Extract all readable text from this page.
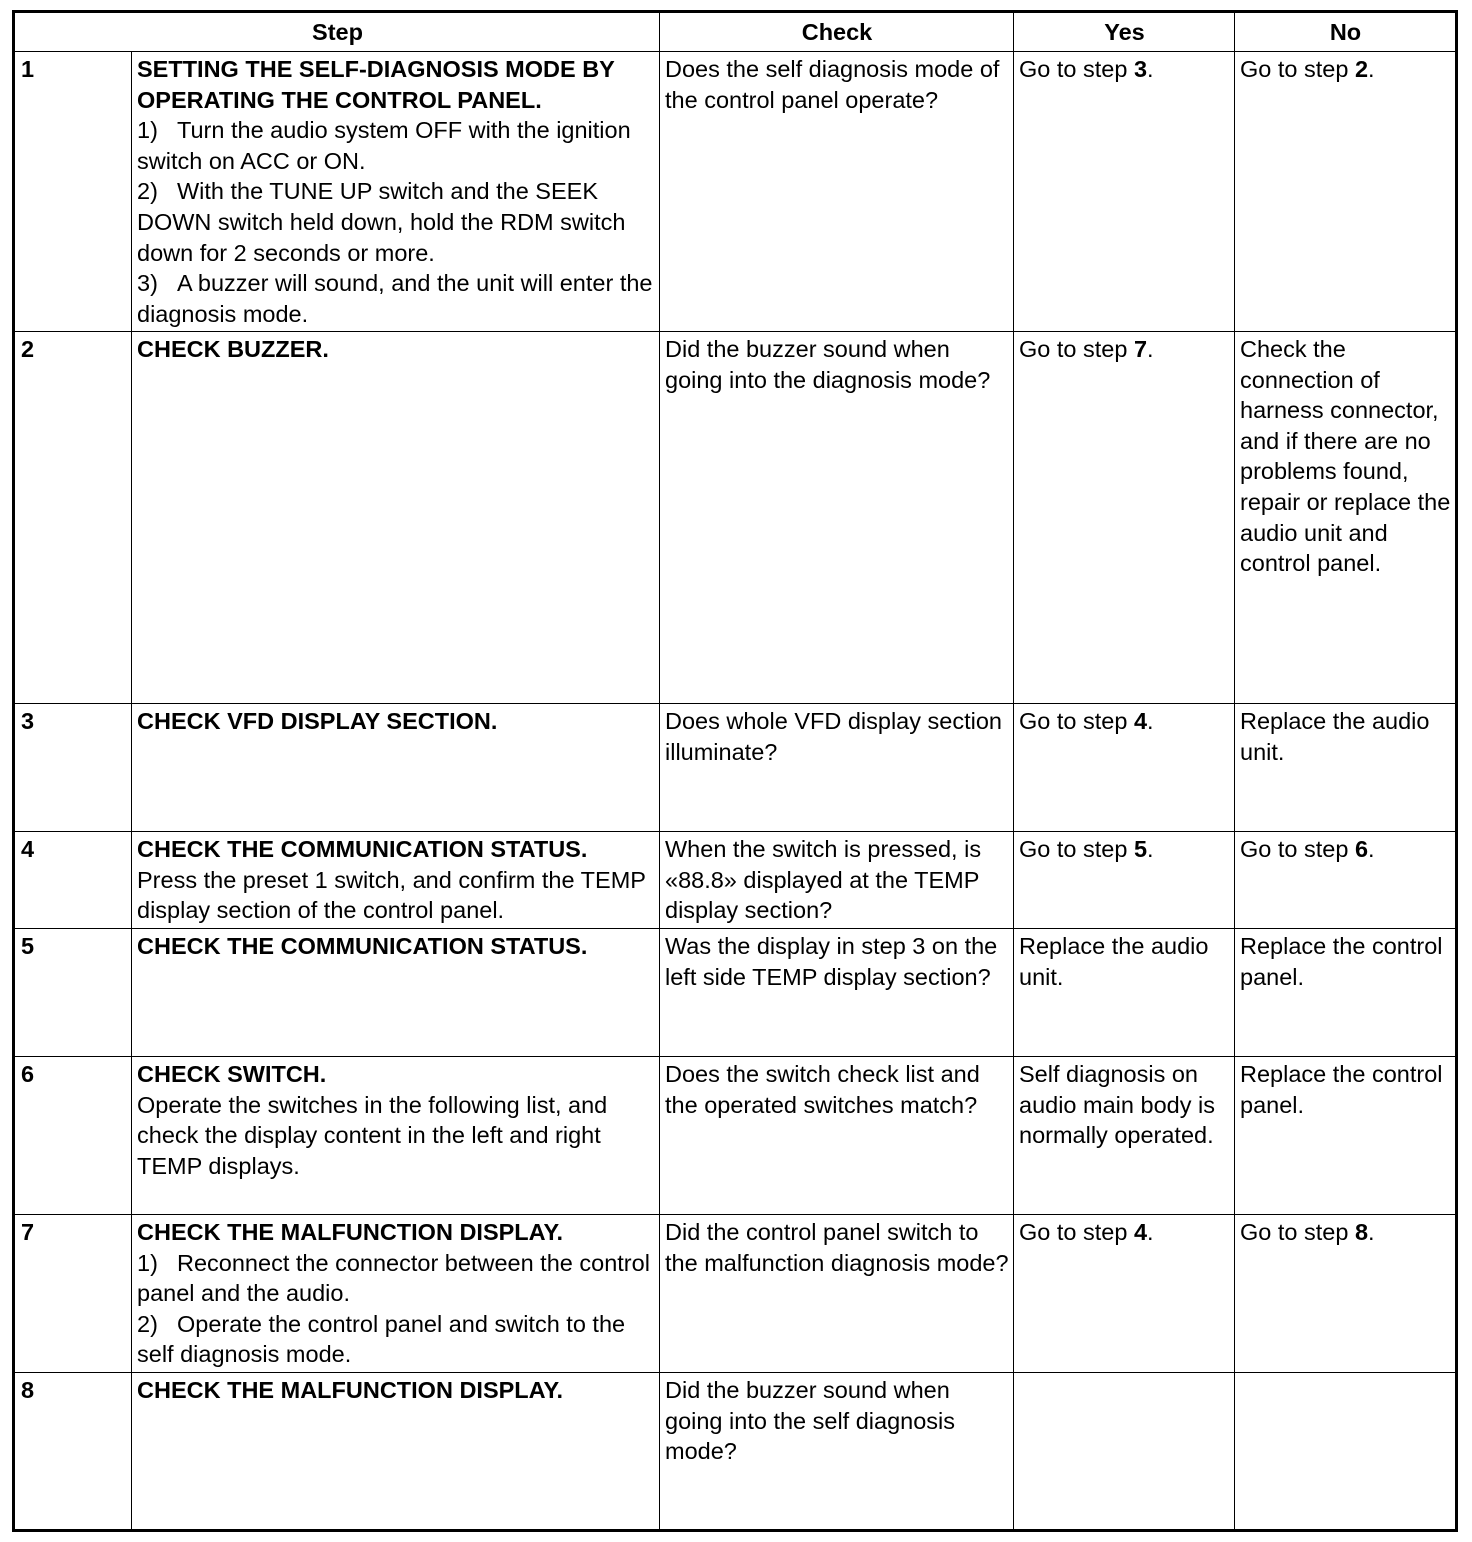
Step		Check	Yes	No
1	SETTING THE SELF-DIAGNOSIS MODE BY OPERATING THE CONTROL PANEL.
1) Turn the audio system OFF with the ignition switch on ACC or ON.
2) With the TUNE UP switch and the SEEK DOWN switch held down, hold the RDM switch down for 2 seconds or more.
3) A buzzer will sound, and the unit will enter the diagnosis mode.	Does the self diagnosis mode of the control panel operate?	Go to step 3.	Go to step 2.
2	CHECK BUZZER.	Did the buzzer sound when going into the diagnosis mode?	Go to step 7.	Check the connection of harness connector, and if there are no problems found, repair or replace the audio unit and control panel.
3	CHECK VFD DISPLAY SECTION.	Does whole VFD display section illuminate?	Go to step 4.	Replace the audio unit.
4	CHECK THE COMMUNICATION STATUS.
Press the preset 1 switch, and confirm the TEMP display section of the control panel.	When the switch is pressed, is «88.8» displayed at the TEMP display section?	Go to step 5.	Go to step 6.
5	CHECK THE COMMUNICATION STATUS.	Was the display in step 3 on the left side TEMP display section?	Replace the audio unit.	Replace the control panel.
6	CHECK SWITCH.
Operate the switches in the following list, and check the display content in the left and right TEMP displays.	Does the switch check list and the operated switches match?	Self diagnosis on audio main body is normally operated.	Replace the control panel.
7	CHECK THE MALFUNCTION DISPLAY.
1) Reconnect the connector between the control panel and the audio.
2) Operate the control panel and switch to the self diagnosis mode.	Did the control panel switch to the malfunction diagnosis mode?	Go to step 4.	Go to step 8.
8	CHECK THE MALFUNCTION DISPLAY.	Did the buzzer sound when going into the self diagnosis mode?		
